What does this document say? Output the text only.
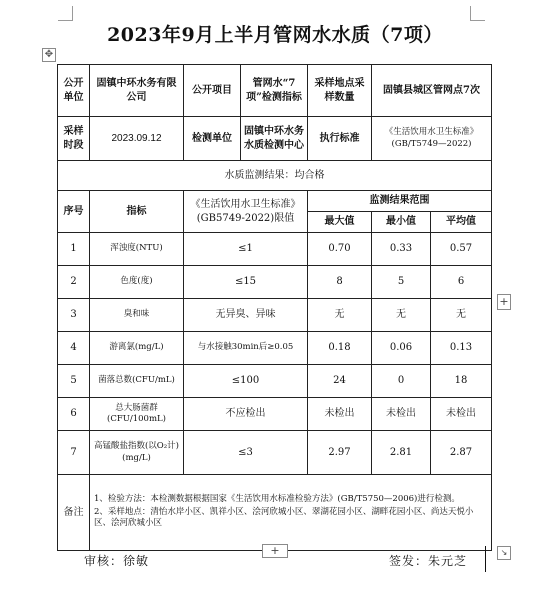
2023年9月上半月管网水水质（7项）
✥
公开单位	固镇中环水务有限公司	公开项目	管网水“7项”检测指标	采样地点采样数量	固镇县城区管网点7次	
采样时段	2023.09.12	检测单位	固镇中环水务水质检测中心	执行标准	《生活饮用水卫生标准》(GB/T5749—2022)	
水质监测结果：均合格						
序号	指标	《生活饮用水卫生标准》(GB5749-2022)限值		监测结果范围		
				最大值	最小值	平均值
1	浑浊度(NTU)	≤1		0.70	0.33	0.57
2	色度(度)	≤15		8	5	6
3	臭和味	无异臭、异味		无	无	无
4	游离氯(mg/L)	与水接触30min后≥0.05		0.18	0.06	0.13
5	菌落总数(CFU/mL)	≤100		24	0	18
6	总大肠菌群(CFU/100mL)	不应检出		未检出	未检出	未检出
7	高锰酸盐指数(以O₂计)(mg/L)	≤3		2.97	2.81	2.87
备注	1、检验方法：本检测数据根据国家《生活饮用水标准检验方法》(GB/T5750—2006)进行检测。
2、采样地点：清怡水岸小区、凯祥小区、浍河欣城小区、翠湖花园小区、湖畔花园小区、尚达天悦小区、浍河欣城小区					
+
+
↘
审核：徐敏	签发：朱元芝
